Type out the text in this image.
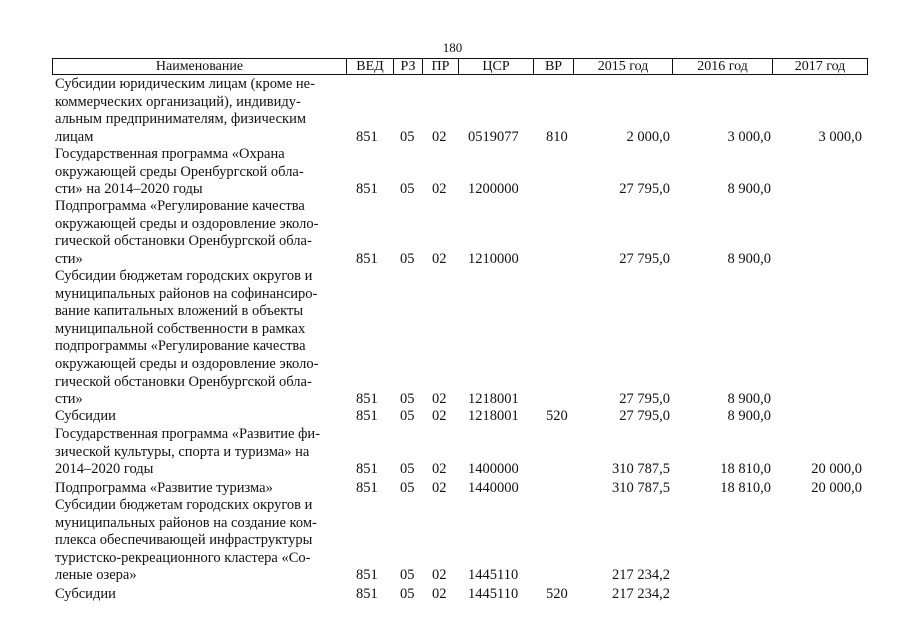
180
Наименование	ВЕД	РЗ	ПР	ЦСР	ВР	2015 год	2016 год	2017 год
Субсидии юридическим лицам (кроме не-
коммерческих организаций), индивиду-
альным предпринимателям, физическим
лицам	851 05 02 0519077 810	2 000,0	3 000,0	3 000,0
Государственная программа «Охрана
окружающей среды Оренбургской обла-
сти» на 2014–2020 годы	851 05 02 1200000	27 795,0	8 900,0
Подпрограмма «Регулирование качества
окружающей среды и оздоровление эколо-
гической обстановки Оренбургской обла-
сти»	851 05 02 1210000	27 795,0	8 900,0
Субсидии бюджетам городских округов и
муниципальных районов на софинансиро-
вание капитальных вложений в объекты
муниципальной собственности в рамках
подпрограммы «Регулирование качества
окружающей среды и оздоровление эколо-
гической обстановки Оренбургской обла-
сти»	851 05 02 1218001	27 795,0	8 900,0
Субсидии	851 05 02 1218001 520	27 795,0	8 900,0
Государственная программа «Развитие фи-
зической культуры, спорта и туризма» на
2014–2020 годы	851 05 02 1400000	310 787,5	18 810,0	20 000,0
Подпрограмма «Развитие туризма»	851 05 02 1440000	310 787,5	18 810,0	20 000,0
Субсидии бюджетам городских округов и
муниципальных районов на создание ком-
плекса обеспечивающей инфраструктуры
туристско-рекреационного кластера «Со-
леные озера»	851 05 02 1445110	217 234,2
Субсидии	851 05 02 1445110 520	217 234,2
